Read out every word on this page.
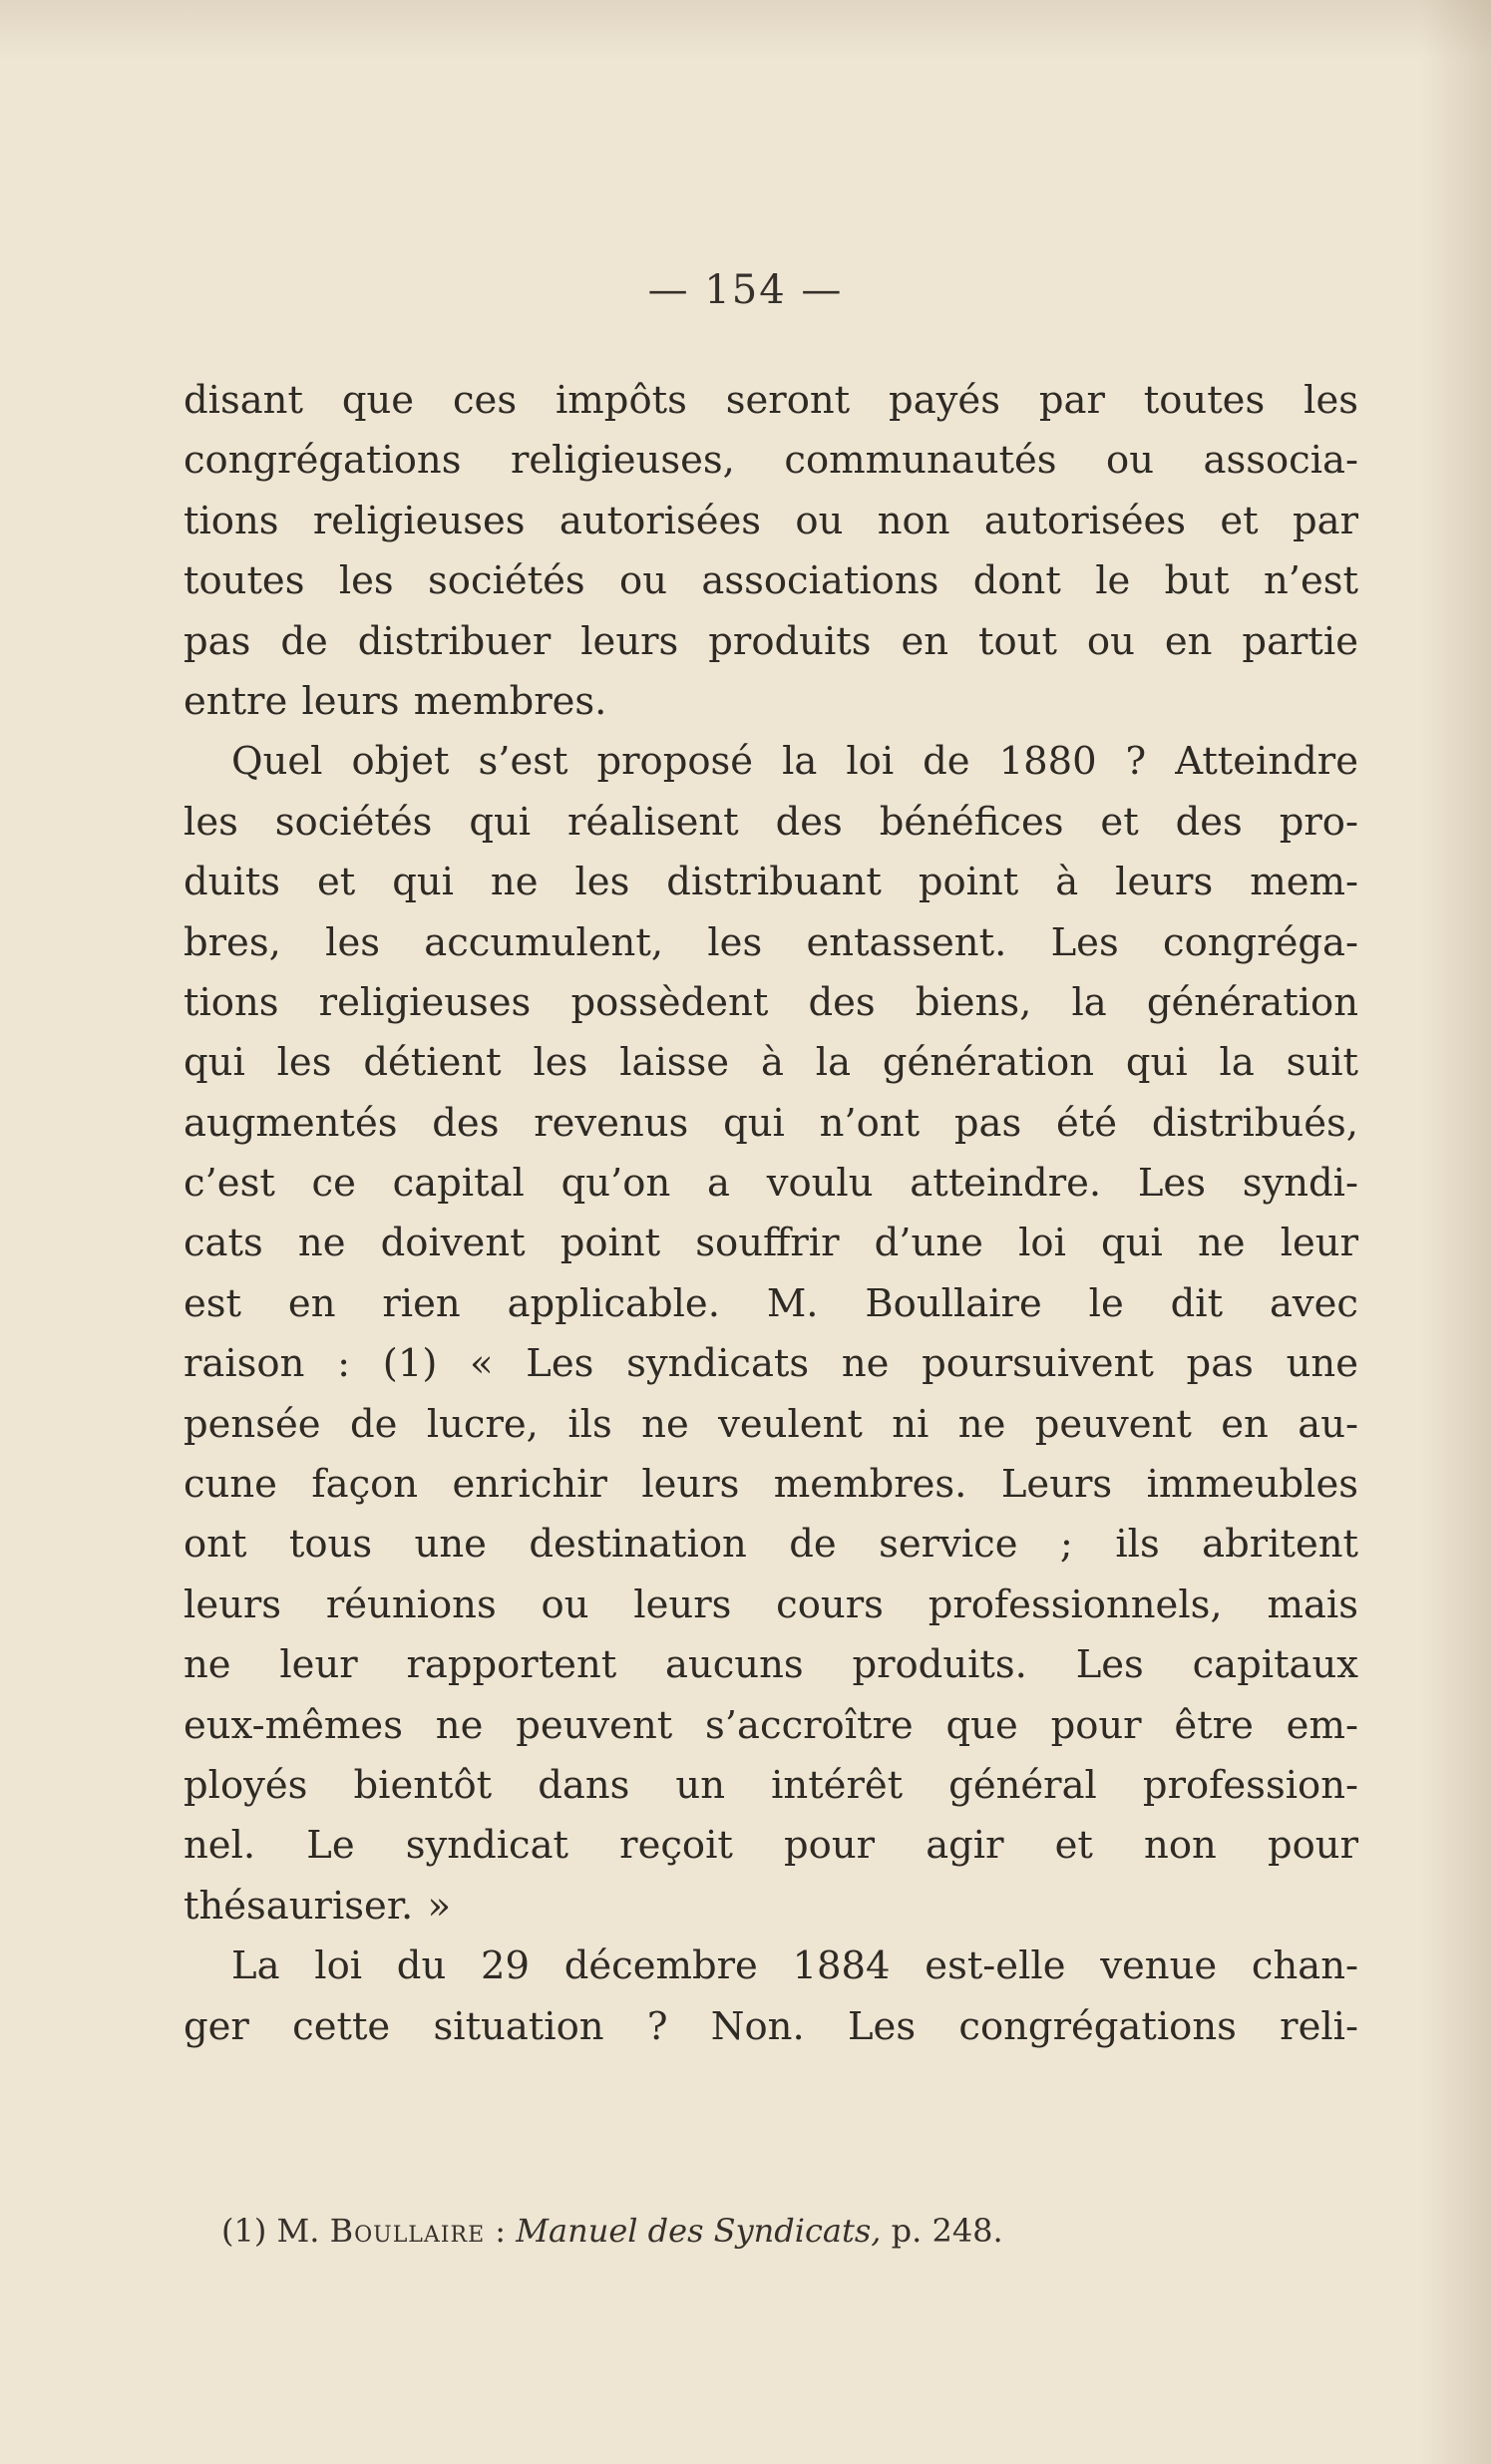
— 154 —
disant que ces impôts seront payés par toutes les
congrégations religieuses, communautés ou associa-
tions religieuses autorisées ou non autorisées et par
toutes les sociétés ou associations dont le but n’est
pas de distribuer leurs produits en tout ou en partie
entre leurs membres.
Quel objet s’est proposé la loi de 1880 ? Atteindre
les sociétés qui réalisent des bénéfices et des pro-
duits et qui ne les distribuant point à leurs mem-
bres, les accumulent, les entassent. Les congréga-
tions religieuses possèdent des biens, la génération
qui les détient les laisse à la génération qui la suit
augmentés des revenus qui n’ont pas été distribués,
c’est ce capital qu’on a voulu atteindre. Les syndi-
cats ne doivent point souffrir d’une loi qui ne leur
est en rien applicable. M. Boullaire le dit avec
raison : (1) « Les syndicats ne poursuivent pas une
pensée de lucre, ils ne veulent ni ne peuvent en au-
cune façon enrichir leurs membres. Leurs immeubles
ont tous une destination de service ; ils abritent
leurs réunions ou leurs cours professionnels, mais
ne leur rapportent aucuns produits. Les capitaux
eux-mêmes ne peuvent s’accroître que pour être em-
ployés bientôt dans un intérêt général profession-
nel. Le syndicat reçoit pour agir et non pour
thésauriser. »
La loi du 29 décembre 1884 est-elle venue chan-
ger cette situation ? Non. Les congrégations reli-
(1) M. Boullaire : Manuel des Syndicats, p. 248.
